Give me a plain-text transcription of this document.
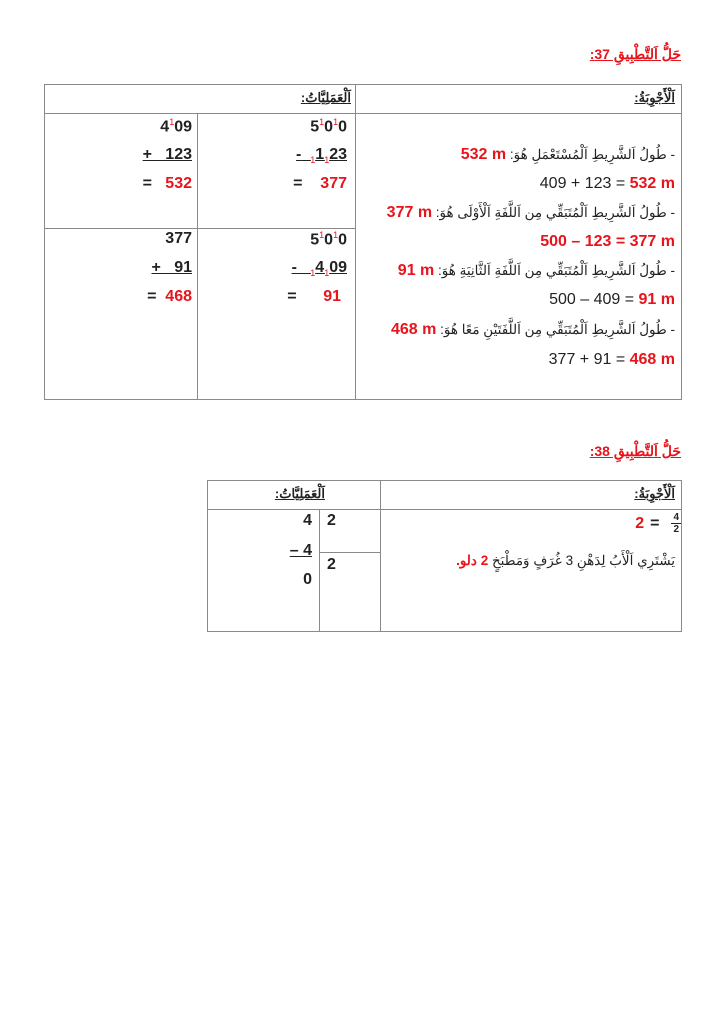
حَلُّ اَلتَّطْبِيقِ 37:
اَلْأَجْوِبَةُ:
اَلْعَمَلِيَّاتُ:
- طُولُ اَلشَّرِيطِ اَلْمُسْتَعْمَلِ هُوَ: 532 m
409 + 123 = 532 m
- طُولُ اَلشَّرِيطِ اَلْمُتَبَقِّي مِن اَللَّفَةِ اَلْأَوْلَى هُوَ: 377 m
500 – 123 = 377 m
- طُولُ اَلشَّرِيطِ اَلْمُتَبَقِّي مِن اَللَّفَةِ اَلثَّانِيَةِ هُوَ: 91 m
500 – 409 = 91 m
- طُولُ اَلشَّرِيطِ اَلْمُتَبَقِّي مِن اَللَّفَتَيْنِ مَعًا هُوَ: 468 m
377 + 91 = 468 m
$4^109$
+   123
= 532
$5^10^10$
- $_11_123$
= 377
377
+   91
= 468
$5^10^10$
- $_14_109$
= 91
حَلُّ اَلتَّطْبِيقِ 38:
اَلْأَجْوِبَةُ:
اَلْعَمَلِيَّاتُ:
$2 = \frac{4}{2}$
يَشْتَرِي اَلْأَبُ لِدَهْنِ 3 غُرَفٍ وَمَطْبَخٍ 2 دلو.
4
– 4
0
2
2
